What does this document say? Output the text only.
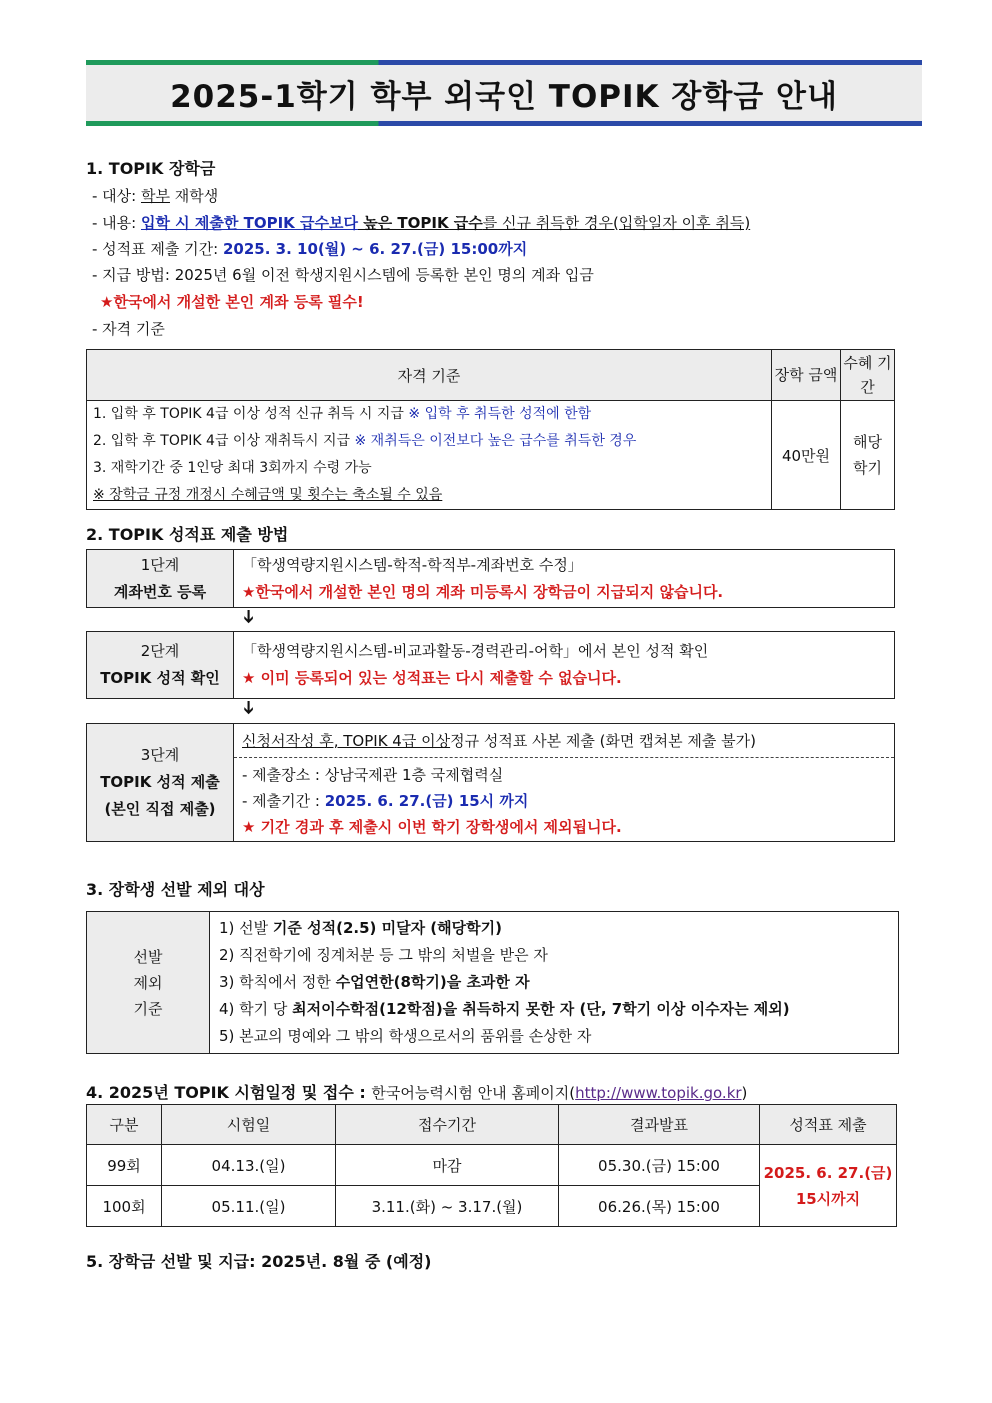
2025-1학기 학부 외국인 TOPIK 장학금 안내
1. TOPIK 장학금
- 대상: 학부 재학생
- 내용: 입학 시 제출한 TOPIK 급수보다 높은 TOPIK 급수를 신규 취득한 경우(입학일자 이후 취득)
- 성적표 제출 기간: 2025. 3. 10(월) ~ 6. 27.(금) 15:00까지
- 지급 방법: 2025년 6월 이전 학생지원시스템에 등록한 본인 명의 계좌 입금
★한국에서 개설한 본인 계좌 등록 필수!
- 자격 기준
자격 기준	장학 금액	수혜 기간

1. 입학 후 TOPIK 4급 이상 성적 신규 취득 시 지급 ※ 입학 후 취득한 성적에 한함
2. 입학 후 TOPIK 4급 이상 재취득시 지급 ※ 재취득은 이전보다 높은 급수를 취득한 경우
3. 재학기간 중 1인당 최대 3회까지 수령 가능
※ 장학금 규정 개정시 수혜금액 및 횟수는 축소될 수 있음	40만원	해당 학기
2. TOPIK 성적표 제출 방법
1단계
계좌번호 등록
「학생역량지원시스템-학적-학적부-계좌번호 수정」
★한국에서 개설한 본인 명의 계좌 미등록시 장학금이 지급되지 않습니다.
➔
2단계
TOPIK 성적 확인
「학생역량지원시스템-비교과활동-경력관리-어학」에서 본인 성적 확인
★ 이미 등록되어 있는 성적표는 다시 제출할 수 없습니다.
➔
3단계
TOPIK 성적 제출
(본인 직접 제출)
신청서 작성 후, TOPIK 4급 이상 정규 성적표 사본 제출 (화면 캡쳐본 제출 불가)
- 제출장소 : 상남국제관 1층 국제협력실
- 제출기간 : 2025. 6. 27.(금) 15시 까지
★ 기간 경과 후 제출시 이번 학기 장학생에서 제외됩니다.
3. 장학생 선발 제외 대상
선발
제외
기준
1) 선발 기준 성적(2.5) 미달자 (해당학기)
2) 직전학기에 징계처분 등 그 밖의 처벌을 받은 자
3) 학칙에서 정한 수업연한(8학기)을 초과한 자
4) 학기 당 최저이수학점(12학점)을 취득하지 못한 자 (단, 7학기 이상 이수자는 제외)
5) 본교의 명예와 그 밖의 학생으로서의 품위를 손상한 자
4. 2025년 TOPIK 시험일정 및 접수 : 한국어능력시험 안내 홈페이지(http://www.topik.go.kr)
구분	시험일	접수기간	결과발표	성적표 제출
99회	04.13.(일)	마감	05.30.(금) 15:00	2025. 6. 27.(금)
15시까지

100회	05.11.(일)	3.11.(화) ~ 3.17.(월)	06.26.(목) 15:00	
5. 장학금 선발 및 지급: 2025년. 8월 중 (예정)
